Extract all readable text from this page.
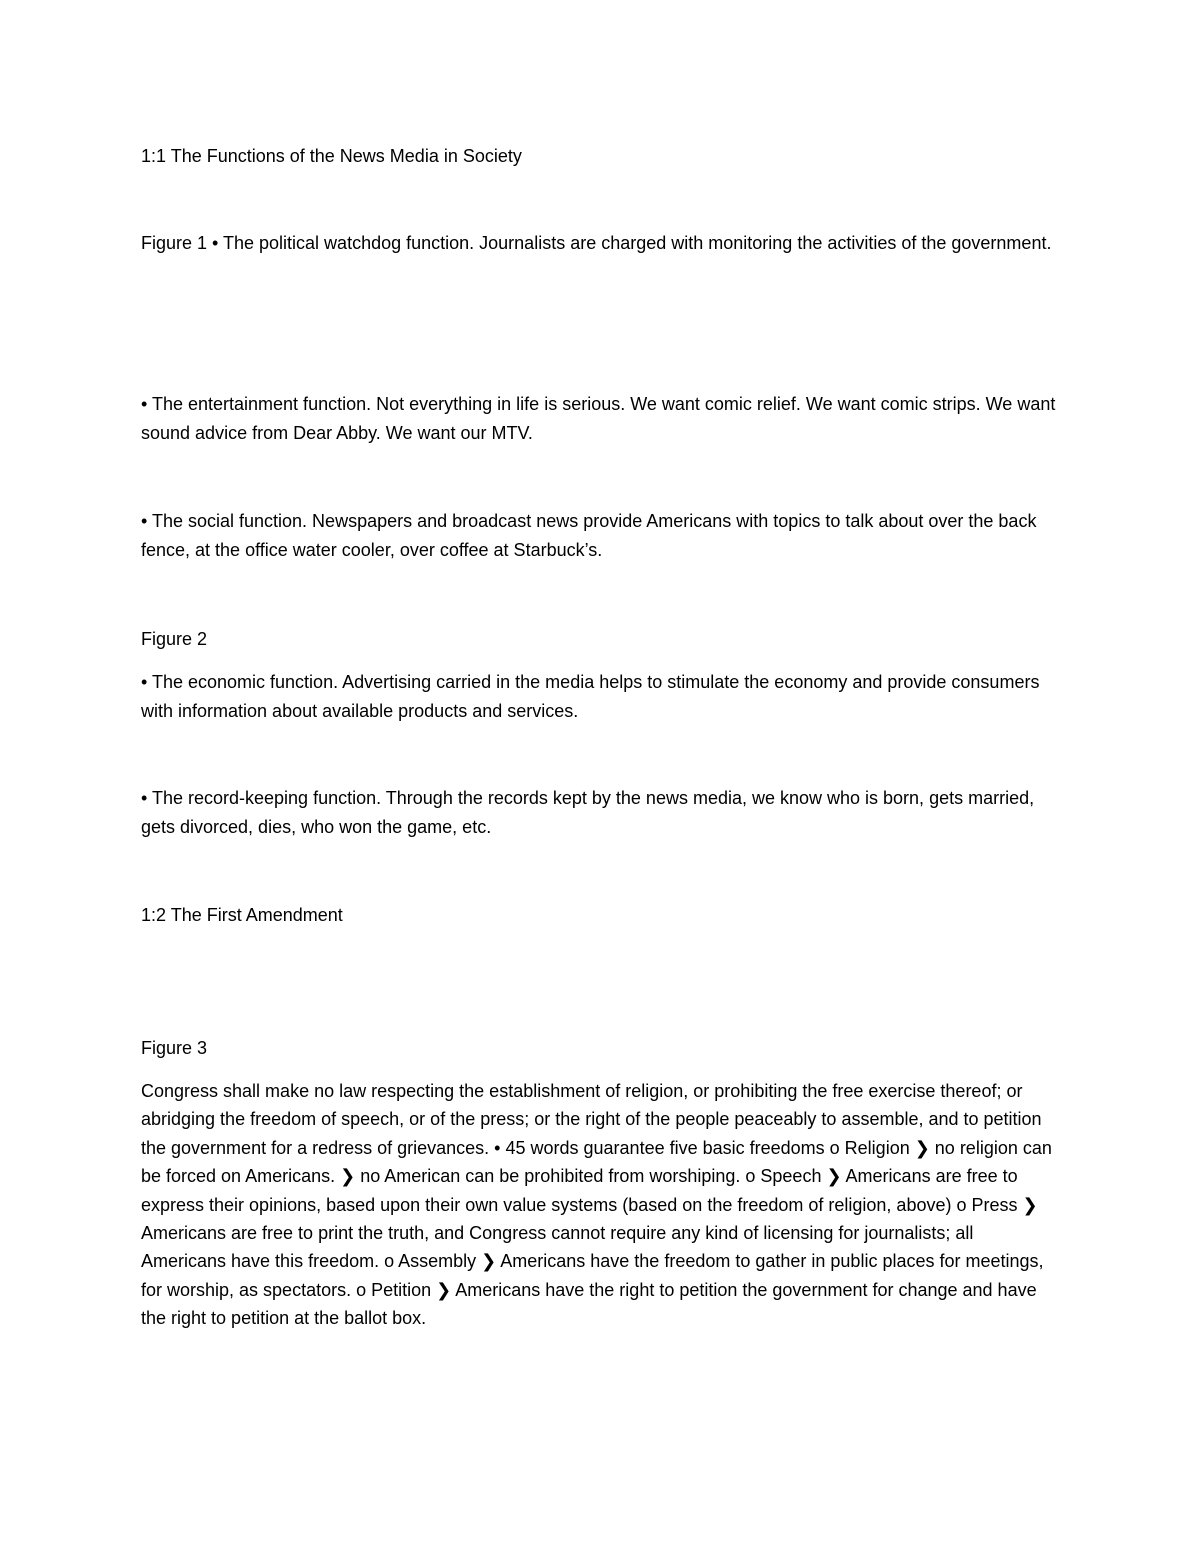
1:1 The Functions of the News Media in Society

Figure 1 • The political watchdog function. Journalists are charged with monitoring the activities of the government.

• The entertainment function. Not everything in life is serious. We want comic relief. We want comic strips. We want sound advice from Dear Abby. We want our MTV.

• The social function. Newspapers and broadcast news provide Americans with topics to talk about over the back fence, at the office water cooler, over coffee at Starbuck’s.

Figure 2

• The economic function. Advertising carried in the media helps to stimulate the economy and provide consumers with information about available products and services.

• The record-keeping function. Through the records kept by the news media, we know who is born, gets married, gets divorced, dies, who won the game, etc.

1:2 The First Amendment

Figure 3

Congress shall make no law respecting the establishment of religion, or prohibiting the free exercise thereof; or abridging the freedom of speech, or of the press; or the right of the people peaceably to assemble, and to petition the government for a redress of grievances. • 45 words guarantee five basic freedoms o Religion ❯ no religion can be forced on Americans. ❯ no American can be prohibited from worshiping. o Speech ❯ Americans are free to express their opinions, based upon their own value systems (based on the freedom of religion, above) o Press ❯ Americans are free to print the truth, and Congress cannot require any kind of licensing for journalists; all Americans have this freedom. o Assembly ❯ Americans have the freedom to gather in public places for meetings, for worship, as spectators. o Petition ❯ Americans have the right to petition the government for change and have the right to petition at the ballot box.
